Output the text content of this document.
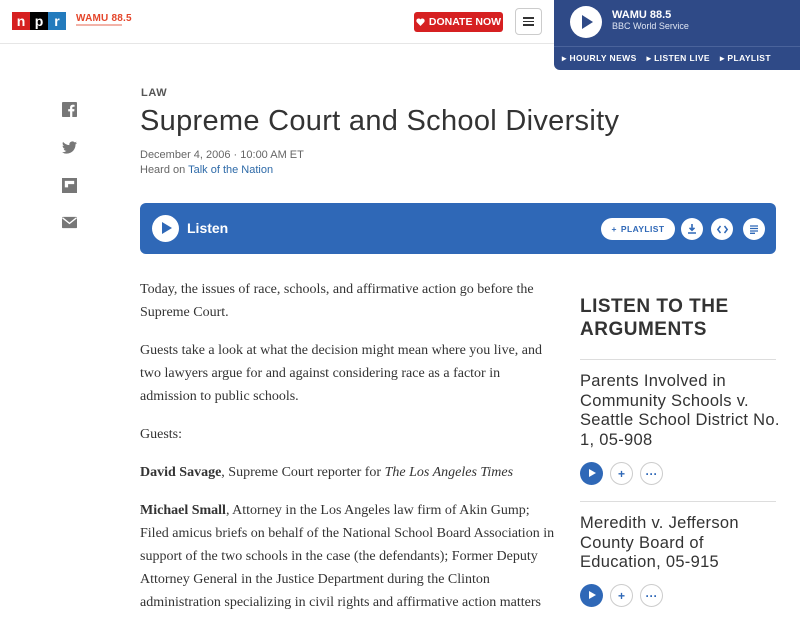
n p r	WAMU 88.5	DONATE NOW
WAMU 88.5
BBC World Service
▸ HOURLY NEWS ▸ LISTEN LIVE ▸ PLAYLIST
LAW
Supreme Court and School Diversity
December 4, 2006 · 10:00 AM ET
Heard on Talk of the Nation
Listen	+ PLAYLIST

Today, the issues of race, schools, and affirmative action go before the Supreme Court.

Guests take a look at what the decision might mean where you live, and two lawyers argue for and against considering race as a factor in admission to public schools.

Guests:

David Savage, Supreme Court reporter for The Los Angeles Times

Michael Small, Attorney in the Los Angeles law firm of Akin Gump; Filed amicus briefs on behalf of the National School Board Association in support of the two schools in the case (the defendants); Former Deputy Attorney General in the Justice Department during the Clinton administration specializing in civil rights and affirmative action matters

LISTEN TO THE ARGUMENTS
Parents Involved in Community Schools v. Seattle School District No. 1, 05-908
+	···
Meredith v. Jefferson County Board of Education, 05-915
+	···
